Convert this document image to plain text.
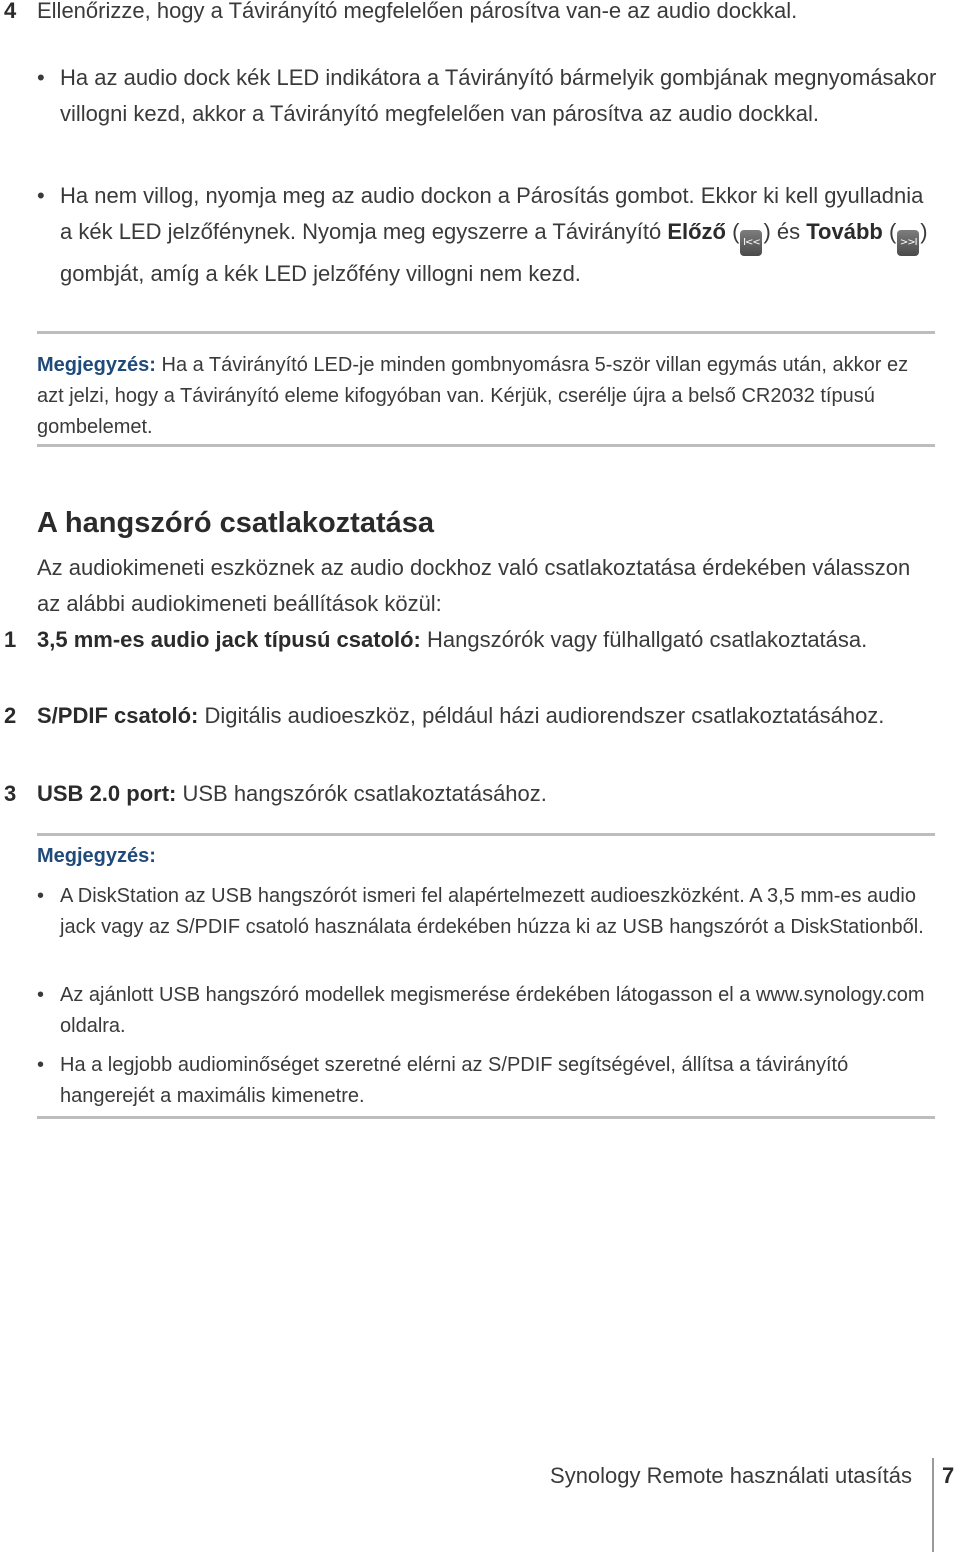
4 Ellenőrizze, hogy a Távirányító megfelelően párosítva van-e az audio dockkal.
• Ha az audio dock kék LED indikátora a Távirányító bármelyik gombjának megnyomásakor villogni kezd, akkor a Távirányító megfelelően van párosítva az audio dockkal.
• Ha nem villog, nyomja meg az audio dockon a Párosítás gombot. Ekkor ki kell gyulladnia a kék LED jelzőfénynek. Nyomja meg egyszerre a Távirányító Előző ( I<< ) és Tovább ( >>I ) gombját, amíg a kék LED jelzőfény villogni nem kezd.
Megjegyzés: Ha a Távirányító LED-je minden gombnyomásra 5-ször villan egymás után, akkor ez azt jelzi, hogy a Távirányító eleme kifogyóban van. Kérjük, cserélje újra a belső CR2032 típusú gombelemet.
A hangszóró csatlakoztatása
Az audiokimeneti eszköznek az audio dockhoz való csatlakoztatása érdekében válasszon az alábbi audiokimeneti beállítások közül:
1 3,5 mm-es audio jack típusú csatoló: Hangszórók vagy fülhallgató csatlakoztatása.
2 S/PDIF csatoló: Digitális audioeszköz, például házi audiorendszer csatlakoztatásához.
3 USB 2.0 port: USB hangszórók csatlakoztatásához.
Megjegyzés:
• A DiskStation az USB hangszórót ismeri fel alapértelmezett audioeszközként. A 3,5 mm-es audio jack vagy az S/PDIF csatoló használata érdekében húzza ki az USB hangszórót a DiskStationből.
• Az ajánlott USB hangszóró modellek megismerése érdekében látogasson el a www.synology.com oldalra.
• Ha a legjobb audiominőséget szeretné elérni az S/PDIF segítségével, állítsa a távirányító hangerejét a maximális kimenetre.
Synology Remote használati utasítás 7
